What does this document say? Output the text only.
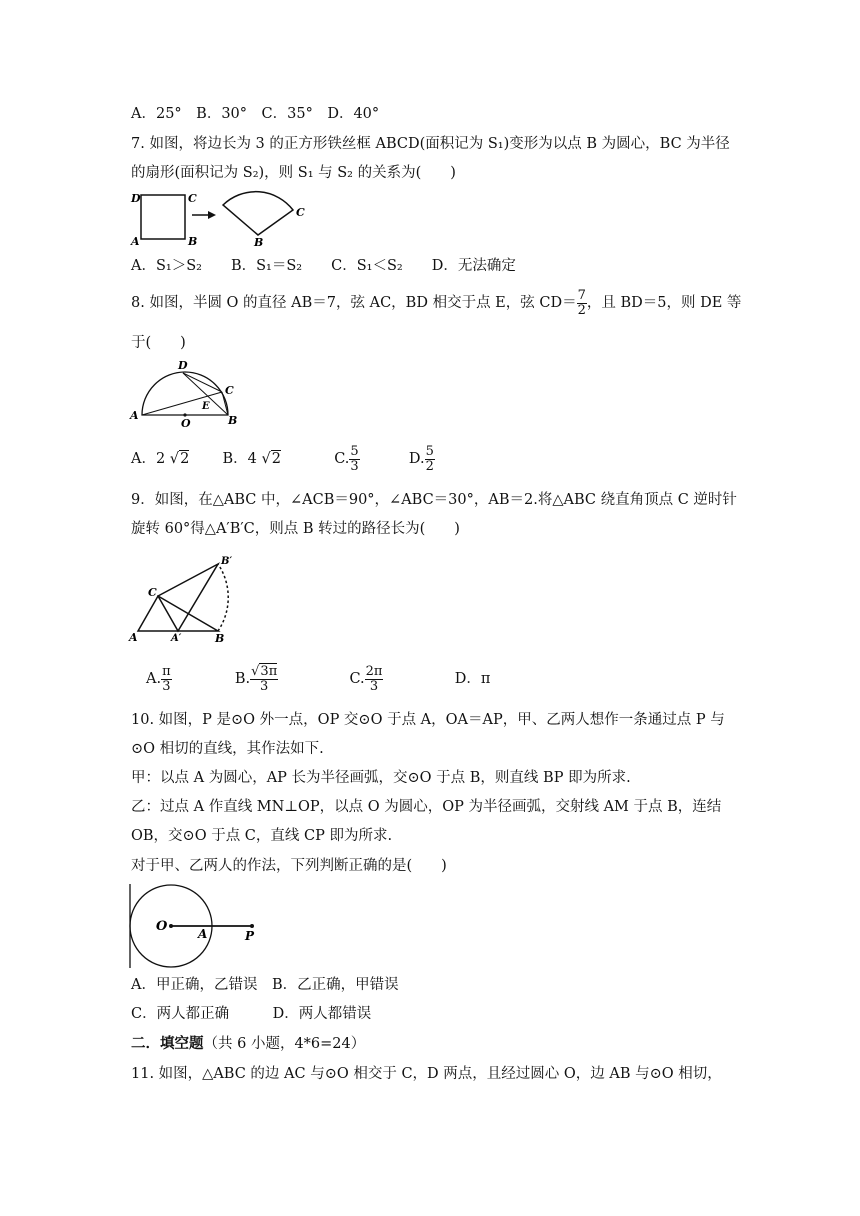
A．25°　B．30°　C．35°　D．40°
7. 如图，将边长为 3 的正方形铁丝框 ABCD(面积记为 S₁)变形为以点 B 为圆心，BC 为半径
的扇形(面积记为 S₂)，则 S₁ 与 S₂ 的关系为(　　)
D	C
A	B
C
B
A．S₁＞S₂　　B．S₁＝S₂　　C．S₁＜S₂　　D．无法确定
8. 如图，半圆 O 的直径 AB＝7，弦 AC，BD 相交于点 E，弦 $CD= \frac{7}{2}$ ，且 BD＝5，则 DE 等
于(　　)
D
C
A
E
O	B
A．2 √2 B．4 √2	C. $\frac{5}{3}$	D. $\frac{5}{2}$
9．如图，在△ABC 中，∠ACB＝90°，∠ABC＝30°，AB＝2.将△ABC 绕直角顶点 C 逆时针
旋转 60°得△A′B′C，则点 B 转过的路径长为(　　)
B′
C
A	A′	B
A. $\frac{\pi}{3}$	B. $\frac{√3\pi}{3}$	C. $\frac{2\pi}{3}$	D．π
10. 如图，P 是⊙O 外一点，OP 交⊙O 于点 A，OA＝AP，甲、乙两人想作一条通过点 P 与
⊙O 相切的直线，其作法如下.
甲：以点 A 为圆心，AP 长为半径画弧，交⊙O 于点 B，则直线 BP 即为所求.
乙：过点 A 作直线 MN⊥OP，以点 O 为圆心，OP 为半径画弧，交射线 AM 于点 B，连结
OB，交⊙O 于点 C，直线 CP 即为所求.
对于甲、乙两人的作法，下列判断正确的是(　　)
O	A	P
A．甲正确，乙错误　B．乙正确，甲错误
C．两人都正确　　　D．两人都错误
二．填空题（共 6 小题，4*6=24）
11. 如图，△ABC 的边 AC 与⊙O 相交于 C，D 两点，且经过圆心 O，边 AB 与⊙O 相切，
